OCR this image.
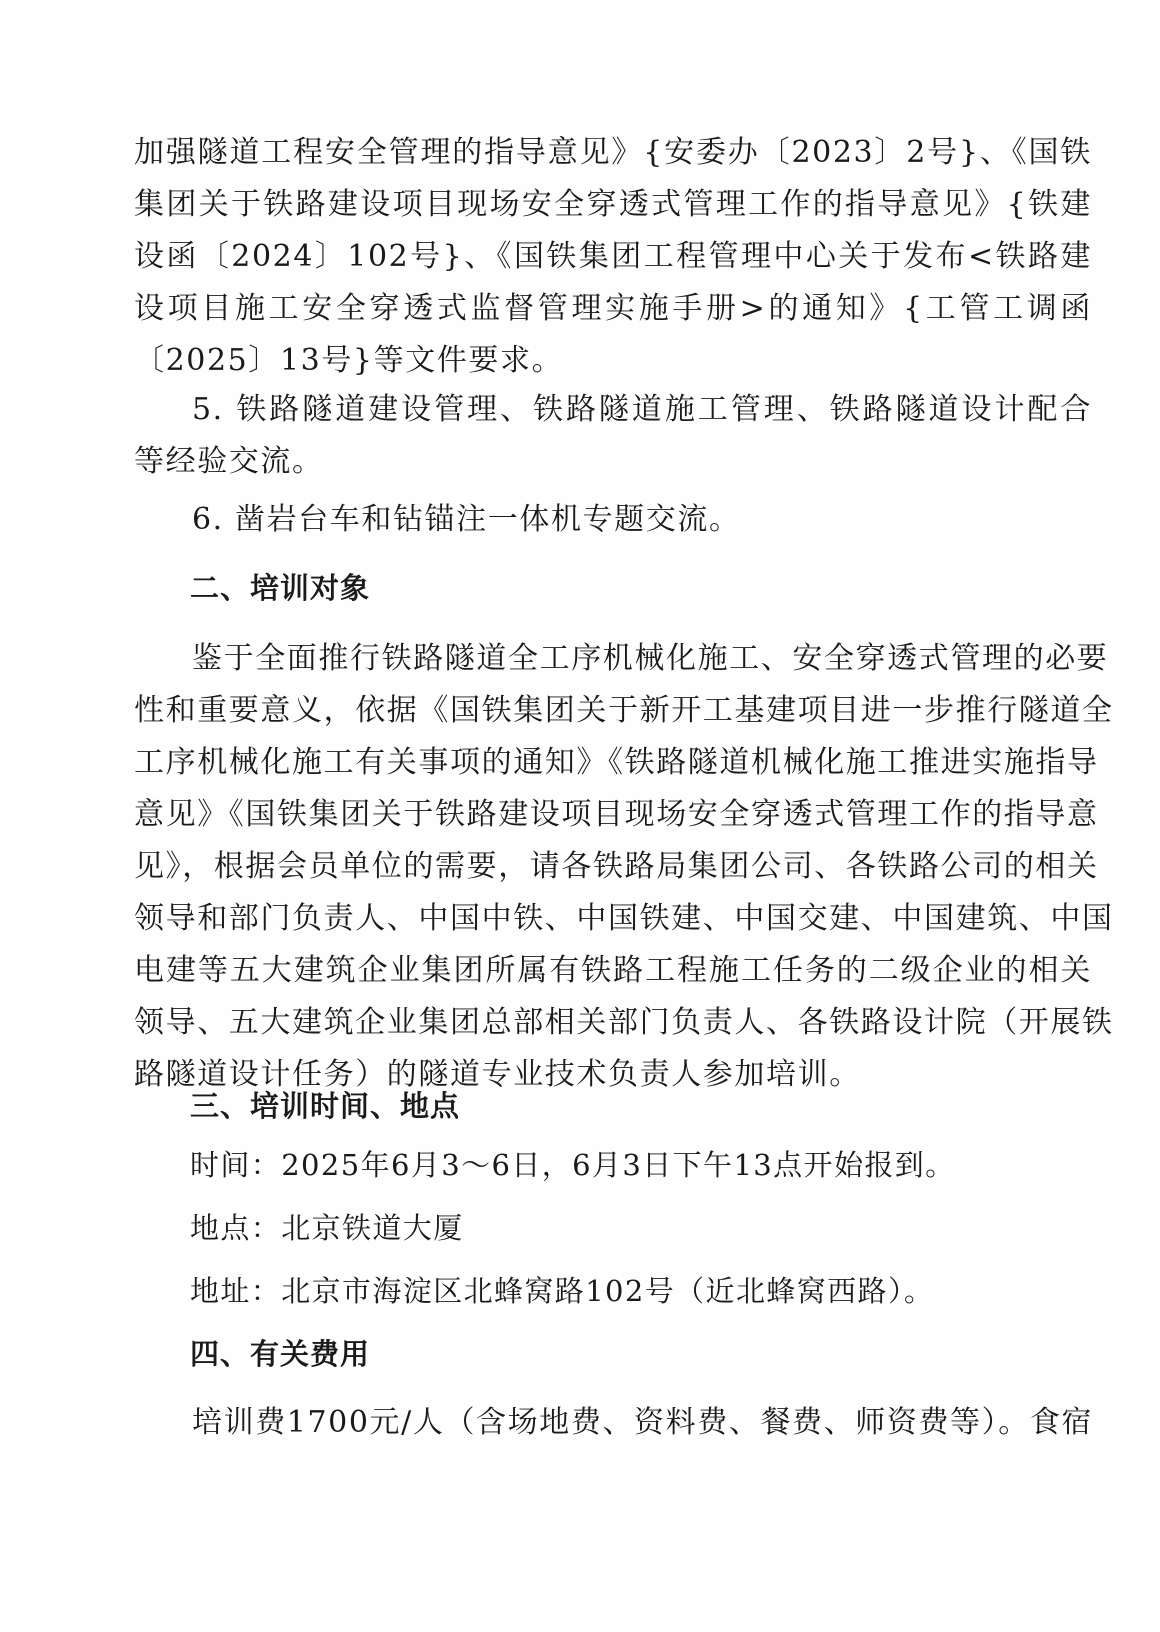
加强隧道工程安全管理的指导意见》{安委办〔2023〕2号}、《国铁
集团关于铁路建设项目现场安全穿透式管理工作的指导意见》{铁建
设函〔2024〕102号}、《国铁集团工程管理中心关于发布<铁路建
设项目施工安全穿透式监督管理实施手册>的通知》{工管工调函
〔2025〕13号}等文件要求。
5. 铁路隧道建设管理、铁路隧道施工管理、铁路隧道设计配合
等经验交流。
6. 凿岩台车和钻锚注一体机专题交流。
二、培训对象
鉴于全面推行铁路隧道全工序机械化施工、安全穿透式管理的必要
性和重要意义，依据《国铁集团关于新开工基建项目进一步推行隧道全
工序机械化施工有关事项的通知》《铁路隧道机械化施工推进实施指导
意见》《国铁集团关于铁路建设项目现场安全穿透式管理工作的指导意
见》，根据会员单位的需要，请各铁路局集团公司、各铁路公司的相关
领导和部门负责人、中国中铁、中国铁建、中国交建、中国建筑、中国
电建等五大建筑企业集团所属有铁路工程施工任务的二级企业的相关
领导、五大建筑企业集团总部相关部门负责人、各铁路设计院（开展铁
路隧道设计任务）的隧道专业技术负责人参加培训。
三、培训时间、地点
时间：2025年6月3～6日，6月3日下午13点开始报到。
地点：北京铁道大厦
地址：北京市海淀区北蜂窝路102号（近北蜂窝西路）。
四、有关费用
培训费1700元/人（含场地费、资料费、餐费、师资费等）。食宿
